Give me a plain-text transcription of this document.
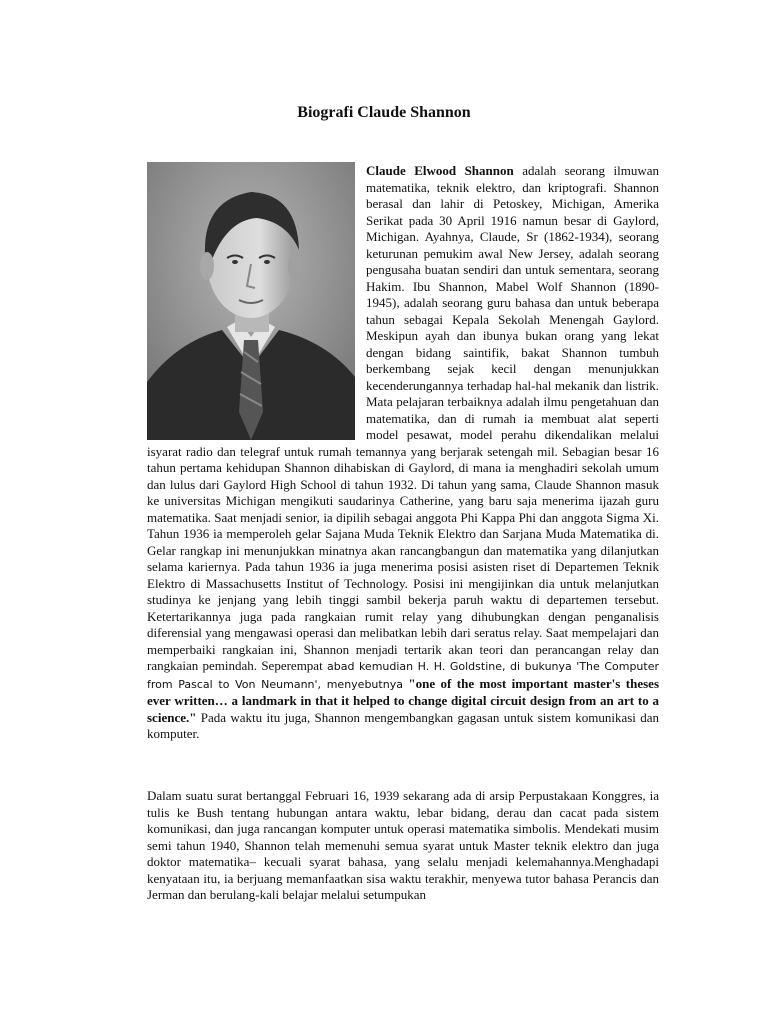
Biografi Claude Shannon

Claude Elwood Shannon adalah seorang ilmuwan matematika, teknik elektro, dan kriptografi. Shannon berasal dan lahir di Petoskey, Michigan, Amerika Serikat pada 30 April 1916 namun besar di Gaylord, Michigan. Ayahnya, Claude, Sr (1862-1934), seorang keturunan pemukim awal New Jersey, adalah seorang pengusaha buatan sendiri dan untuk sementara, seorang Hakim. Ibu Shannon, Mabel Wolf Shannon (1890-1945), adalah seorang guru bahasa dan untuk beberapa tahun sebagai Kepala Sekolah Menengah Gaylord. Meskipun ayah dan ibunya bukan orang yang lekat dengan bidang saintifik, bakat Shannon tumbuh berkembang sejak kecil dengan menunjukkan kecenderungannya terhadap hal-hal mekanik dan listrik. Mata pelajaran terbaiknya adalah ilmu pengetahuan dan matematika, dan di rumah ia membuat alat seperti model pesawat, model perahu dikendalikan melalui isyarat radio dan telegraf untuk rumah temannya yang berjarak setengah mil. Sebagian besar 16 tahun pertama kehidupan Shannon dihabiskan di Gaylord, di mana ia menghadiri sekolah umum dan lulus dari Gaylord High School di tahun 1932. Di tahun yang sama, Claude Shannon masuk ke universitas Michigan mengikuti saudarinya Catherine, yang baru saja menerima ijazah guru matematika. Saat menjadi senior, ia dipilih sebagai anggota Phi Kappa Phi dan anggota Sigma Xi. Tahun 1936 ia memperoleh gelar Sajana Muda Teknik Elektro dan Sarjana Muda Matematika di. Gelar rangkap ini menunjukkan minatnya akan rancangbangun dan matematika yang dilanjutkan selama kariernya. Pada tahun 1936 ia juga menerima posisi asisten riset di Departemen Teknik Elektro di Massachusetts Institut of Technology. Posisi ini mengijinkan dia untuk melanjutkan studinya ke jenjang yang lebih tinggi sambil bekerja paruh waktu di departemen tersebut. Ketertarikannya juga pada rangkaian rumit relay yang dihubungkan dengan penganalisis diferensial yang mengawasi operasi dan melibatkan lebih dari seratus relay. Saat mempelajari dan memperbaiki rangkaian ini, Shannon menjadi tertarik akan teori dan perancangan relay dan rangkaian pemindah. Seperempat abad kemudian H. H. Goldstine, di bukunya 'The Computer from Pascal to Von Neumann', menyebutnya "one of the most important master's theses ever written… a landmark in that it helped to change digital circuit design from an art to a science." Pada waktu itu juga, Shannon mengembangkan gagasan untuk sistem komunikasi dan komputer.

Dalam suatu surat bertanggal Februari 16, 1939 sekarang ada di arsip Perpustakaan Konggres, ia tulis ke Bush tentang hubungan antara waktu, lebar bidang, derau dan cacat pada sistem komunikasi, dan juga rancangan komputer untuk operasi matematika simbolis. Mendekati musim semi tahun 1940, Shannon telah memenuhi semua syarat untuk Master teknik elektro dan juga doktor matematika– kecuali syarat bahasa, yang selalu menjadi kelemahannya.Menghadapi kenyataan itu, ia berjuang memanfaatkan sisa waktu terakhir, menyewa tutor bahasa Perancis dan Jerman dan berulang-kali belajar melalui setumpukan
